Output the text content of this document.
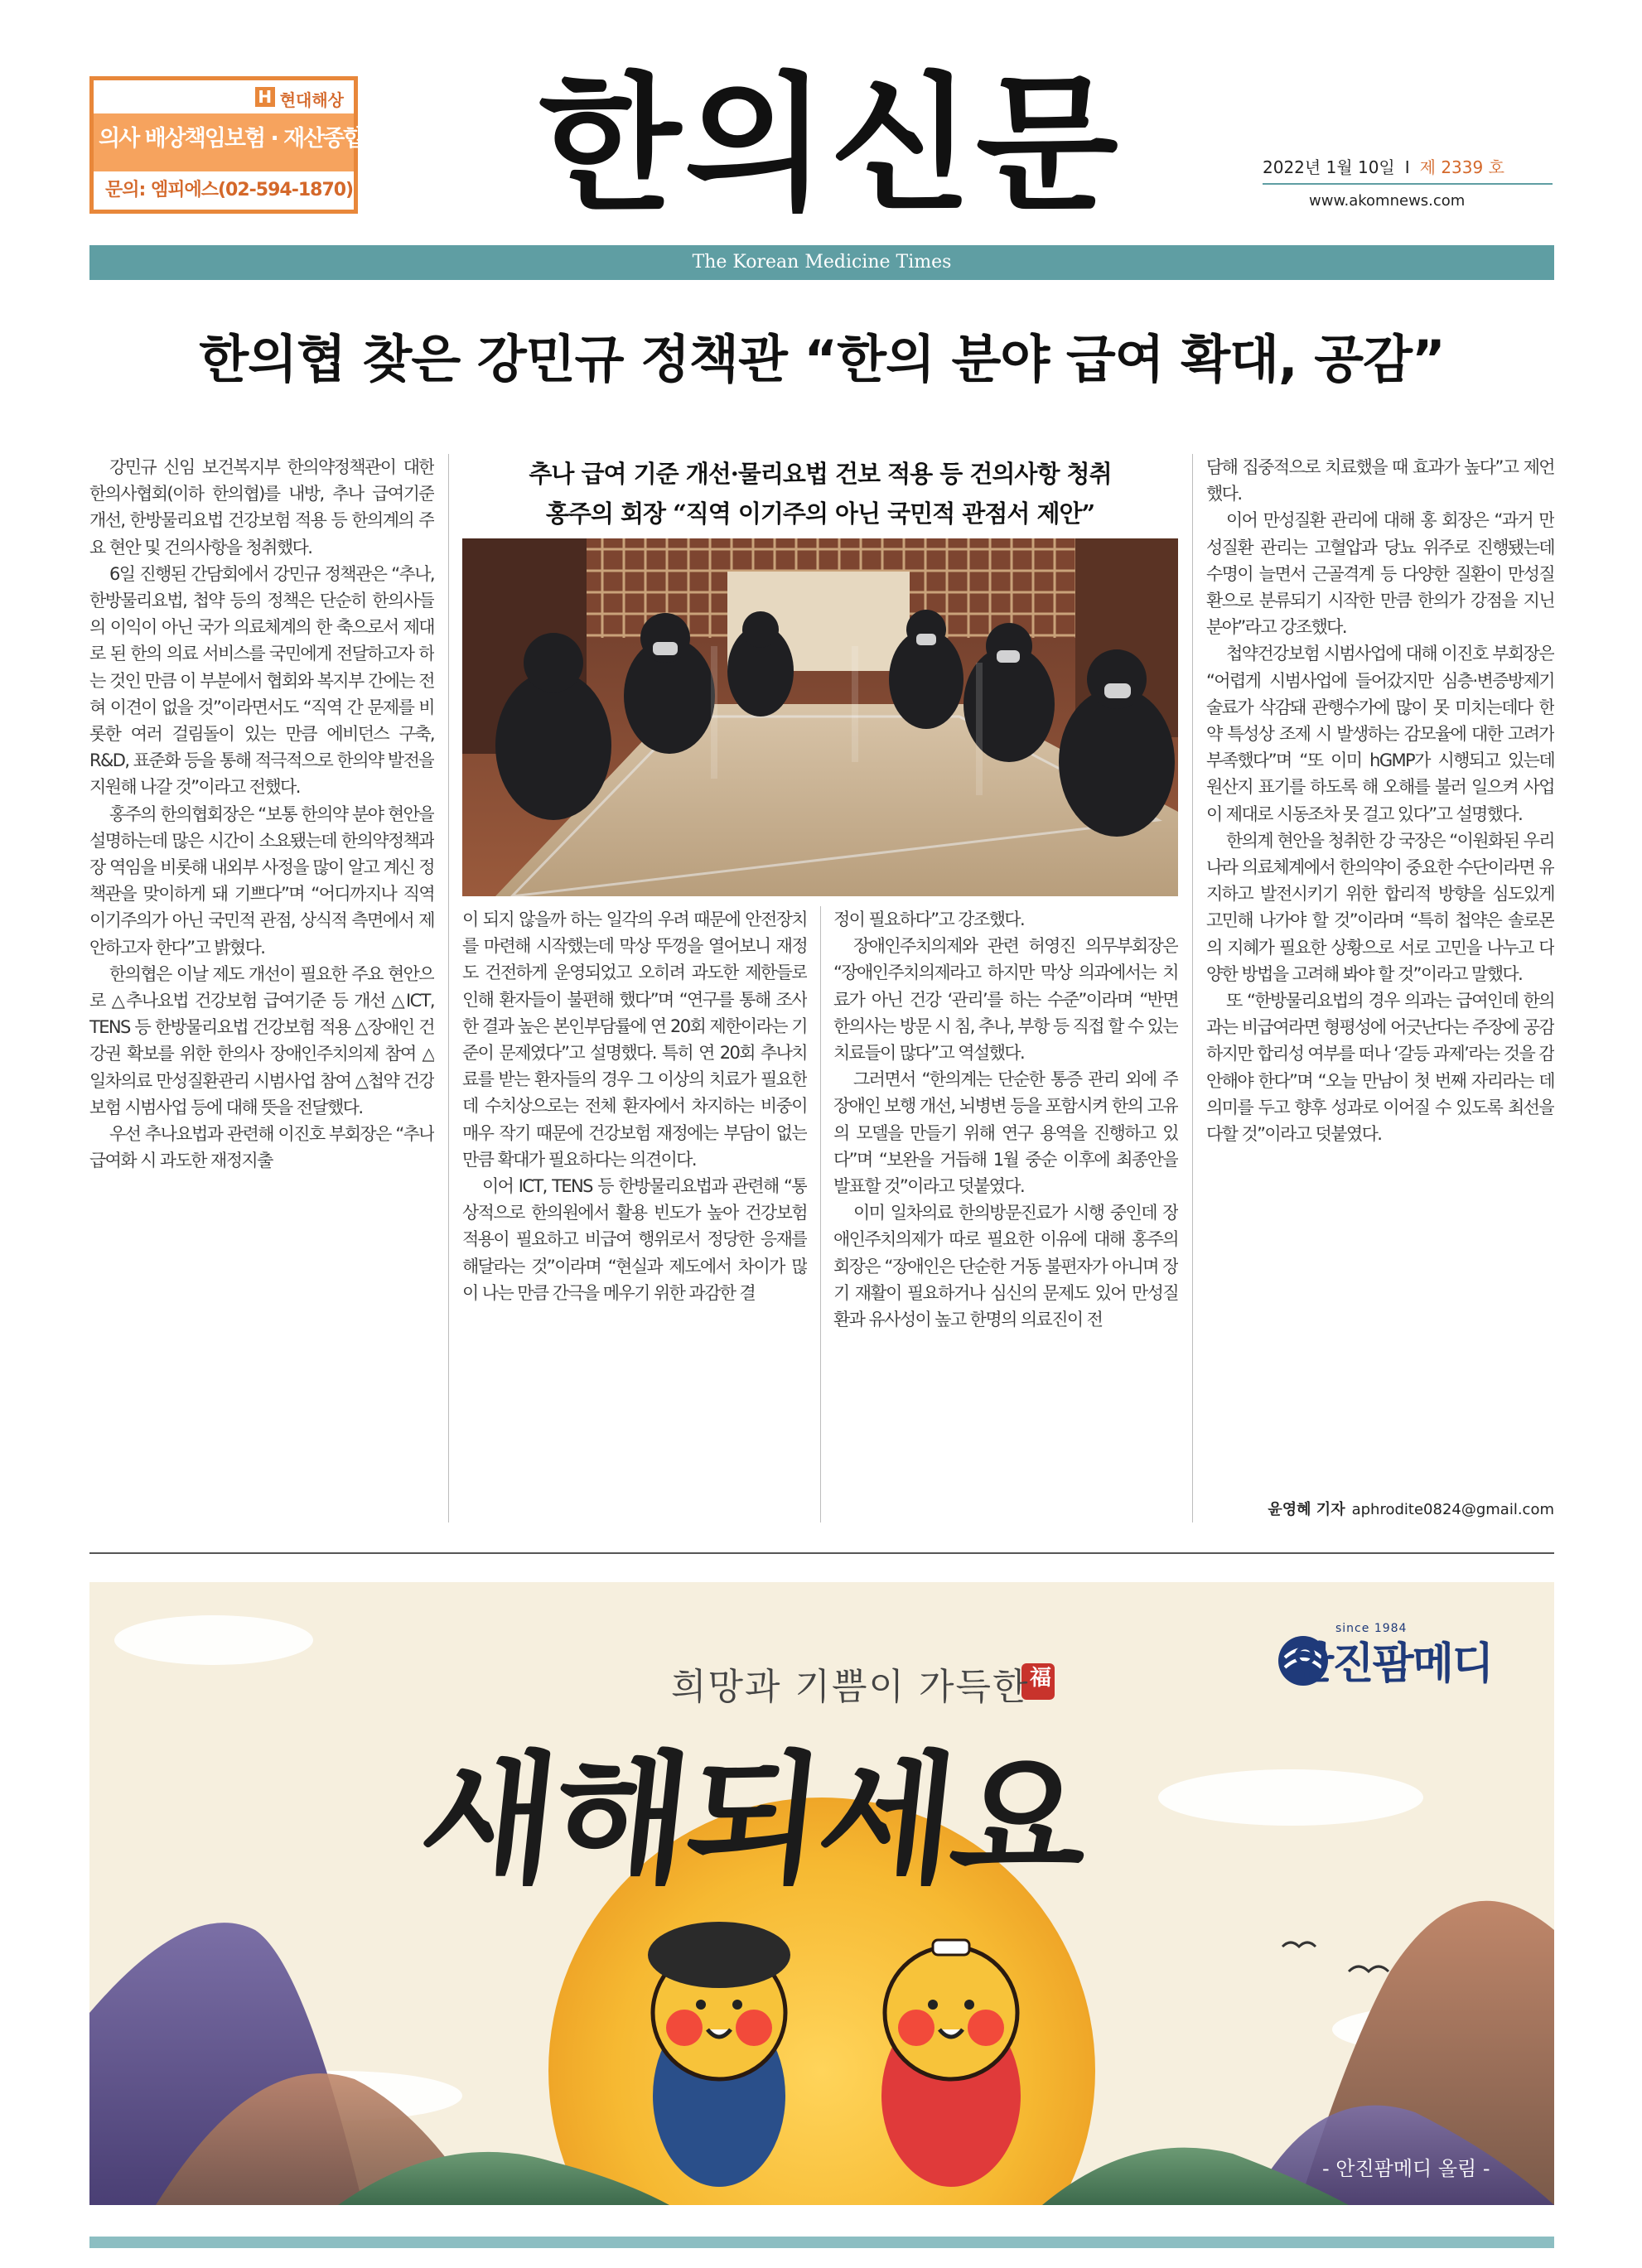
H 현대해상
의사 배상책임보험 · 재산종합보험
문의: 엠피에스(02-594-1870) 한의신문	2022년 1월 10일 I 제 2339 호
www.akomnews.com
The Korean Medicine Times
한의협 찾은 강민규 정책관 “한의 분야 급여 확대, 공감”

강민규 신임 보건복지부 한의약정책관이 대한한의사협회(이하 한의협)를 내방, 추나 급여기준 개선, 한방물리요법 건강보험 적용 등 한의계의 주요 현안 및 건의사항을 청취했다.

6일 진행된 간담회에서 강민규 정책관은 “추나, 한방물리요법, 첩약 등의 정책은 단순히 한의사들의 이익이 아닌 국가 의료체계의 한 축으로서 제대로 된 한의 의료 서비스를 국민에게 전달하고자 하는 것인 만큼 이 부분에서 협회와 복지부 간에는 전혀 이견이 없을 것”이라면서도 “직역 간 문제를 비롯한 여러 걸림돌이 있는 만큼 에비던스 구축, R&D, 표준화 등을 통해 적극적으로 한의약 발전을 지원해 나갈 것”이라고 전했다.

홍주의 한의협회장은 “보통 한의약 분야 현안을 설명하는데 많은 시간이 소요됐는데 한의약정책과장 역임을 비롯해 내외부 사정을 많이 알고 계신 정책관을 맞이하게 돼 기쁘다”며 “어디까지나 직역 이기주의가 아닌 국민적 관점, 상식적 측면에서 제안하고자 한다”고 밝혔다.

한의협은 이날 제도 개선이 필요한 주요 현안으로 △추나요법 건강보험 급여기준 등 개선 △ICT, TENS 등 한방물리요법 건강보험 적용 △장애인 건강권 확보를 위한 한의사 장애인주치의제 참여 △일차의료 만성질환관리 시범사업 참여 △첩약 건강보험 시범사업 등에 대해 뜻을 전달했다.

우선 추나요법과 관련해 이진호 부회장은 “추나 급여화 시 과도한 재정지출

추나 급여 기준 개선·물리요법 건보 적용 등 건의사항 청취
홍주의 회장 “직역 이기주의 아닌 국민적 관점서 제안”

이 되지 않을까 하는 일각의 우려 때문에 안전장치를 마련해 시작했는데 막상 뚜껑을 열어보니 재정도 건전하게 운영되었고 오히려 과도한 제한들로 인해 환자들이 불편해 했다”며 “연구를 통해 조사한 결과 높은 본인부담률에 연 20회 제한이라는 기준이 문제였다”고 설명했다. 특히 연 20회 추나치료를 받는 환자들의 경우 그 이상의 치료가 필요한데 수치상으로는 전체 환자에서 차지하는 비중이 매우 작기 때문에 건강보험 재정에는 부담이 없는 만큼 확대가 필요하다는 의견이다.

이어 ICT, TENS 등 한방물리요법과 관련해 “통상적으로 한의원에서 활용 빈도가 높아 건강보험 적용이 필요하고 비급여 행위로서 정당한 응재를 해달라는 것”이라며 “현실과 제도에서 차이가 많이 나는 만큼 간극을 메우기 위한 과감한 결

정이 필요하다”고 강조했다.

장애인주치의제와 관련 허영진 의무부회장은 “장애인주치의제라고 하지만 막상 의과에서는 치료가 아닌 건강 ‘관리’를 하는 수준”이라며 “반면 한의사는 방문 시 침, 추나, 부항 등 직접 할 수 있는 치료들이 많다”고 역설했다.

그러면서 “한의계는 단순한 통증 관리 외에 주장애인 보행 개선, 뇌병변 등을 포함시켜 한의 고유의 모델을 만들기 위해 연구 용역을 진행하고 있다”며 “보완을 거듭해 1월 중순 이후에 최종안을 발표할 것”이라고 덧붙였다.

이미 일차의료 한의방문진료가 시행 중인데 장애인주치의제가 따로 필요한 이유에 대해 홍주의 회장은 “장애인은 단순한 거동 불편자가 아니며 장기 재활이 필요하거나 심신의 문제도 있어 만성질환과 유사성이 높고 한명의 의료진이 전

담해 집중적으로 치료했을 때 효과가 높다”고 제언했다.

이어 만성질환 관리에 대해 홍 회장은 “과거 만성질환 관리는 고혈압과 당뇨 위주로 진행됐는데 수명이 늘면서 근골격계 등 다양한 질환이 만성질환으로 분류되기 시작한 만큼 한의가 강점을 지닌 분야”라고 강조했다.

첩약건강보험 시범사업에 대해 이진호 부회장은 “어렵게 시범사업에 들어갔지만 심층·변증방제기술료가 삭감돼 관행수가에 많이 못 미치는데다 한약 특성상 조제 시 발생하는 감모율에 대한 고려가 부족했다”며 “또 이미 hGMP가 시행되고 있는데 원산지 표기를 하도록 해 오해를 불러 일으켜 사업이 제대로 시동조차 못 걸고 있다”고 설명했다.

한의계 현안을 청취한 강 국장은 “이원화된 우리나라 의료체계에서 한의약이 중요한 수단이라면 유지하고 발전시키기 위한 합리적 방향을 심도있게 고민해 나가야 할 것”이라며 “특히 첩약은 솔로몬의 지혜가 필요한 상황으로 서로 고민을 나누고 다양한 방법을 고려해 봐야 할 것”이라고 말했다.

또 “한방물리요법의 경우 의과는 급여인데 한의과는 비급여라면 형평성에 어긋난다는 주장에 공감하지만 합리성 여부를 떠나 ‘갈등 과제’라는 것을 감안해야 한다”며 “오늘 만남이 첫 번째 자리라는 데 의미를 두고 향후 성과로 이어질 수 있도록 최선을 다할 것”이라고 덧붙였다.

윤영혜 기자 aphrodite0824@gmail.com
희망과 기쁨이 가득한 福
since 1984
안진팜메디
새해되세요
- 안진팜메디 올림 -
